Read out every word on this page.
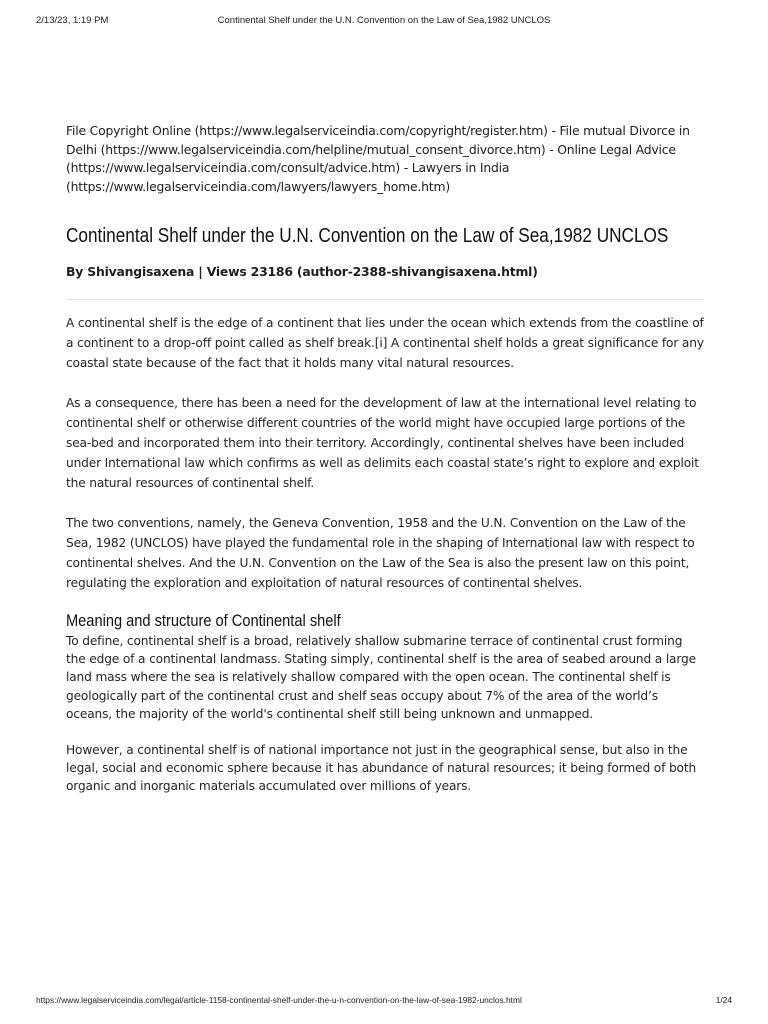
2/13/23, 1:19 PM	Continental Shelf under the U.N. Convention on the Law of Sea,1982 UNCLOS

File Copyright Online (https://www.legalserviceindia.com/copyright/register.htm) - File mutual Divorce in Delhi (https://www.legalserviceindia.com/helpline/mutual_consent_divorce.htm) - Online Legal Advice (https://www.legalserviceindia.com/consult/advice.htm) - Lawyers in India (https://www.legalserviceindia.com/lawyers/lawyers_home.htm)

Continental Shelf under the U.N. Convention on the Law of Sea,1982 UNCLOS

By Shivangisaxena | Views 23186 (author-2388-shivangisaxena.html)

A continental shelf is the edge of a continent that lies under the ocean which extends from the coastline of a continent to a drop-off point called as shelf break.[i] A continental shelf holds a great significance for any coastal state because of the fact that it holds many vital natural resources.

As a consequence, there has been a need for the development of law at the international level relating to continental shelf or otherwise different countries of the world might have occupied large portions of the sea-bed and incorporated them into their territory. Accordingly, continental shelves have been included under International law which confirms as well as delimits each coastal state’s right to explore and exploit the natural resources of continental shelf.

The two conventions, namely, the Geneva Convention, 1958 and the U.N. Convention on the Law of the Sea, 1982 (UNCLOS) have played the fundamental role in the shaping of International law with respect to continental shelves. And the U.N. Convention on the Law of the Sea is also the present law on this point, regulating the exploration and exploitation of natural resources of continental shelves.

Meaning and structure of Continental shelf

To define, continental shelf is a broad, relatively shallow submarine terrace of continental crust forming the edge of a continental landmass. Stating simply, continental shelf is the area of seabed around a large land mass where the sea is relatively shallow compared with the open ocean. The continental shelf is geologically part of the continental crust and shelf seas occupy about 7% of the area of the world’s oceans, the majority of the world's continental shelf still being unknown and unmapped.

However, a continental shelf is of national importance not just in the geographical sense, but also in the legal, social and economic sphere because it has abundance of natural resources; it being formed of both organic and inorganic materials accumulated over millions of years.

https://www.legalserviceindia.com/legal/article-1158-continental-shelf-under-the-u-n-convention-on-the-law-of-sea-1982-unclos.html	1/24
